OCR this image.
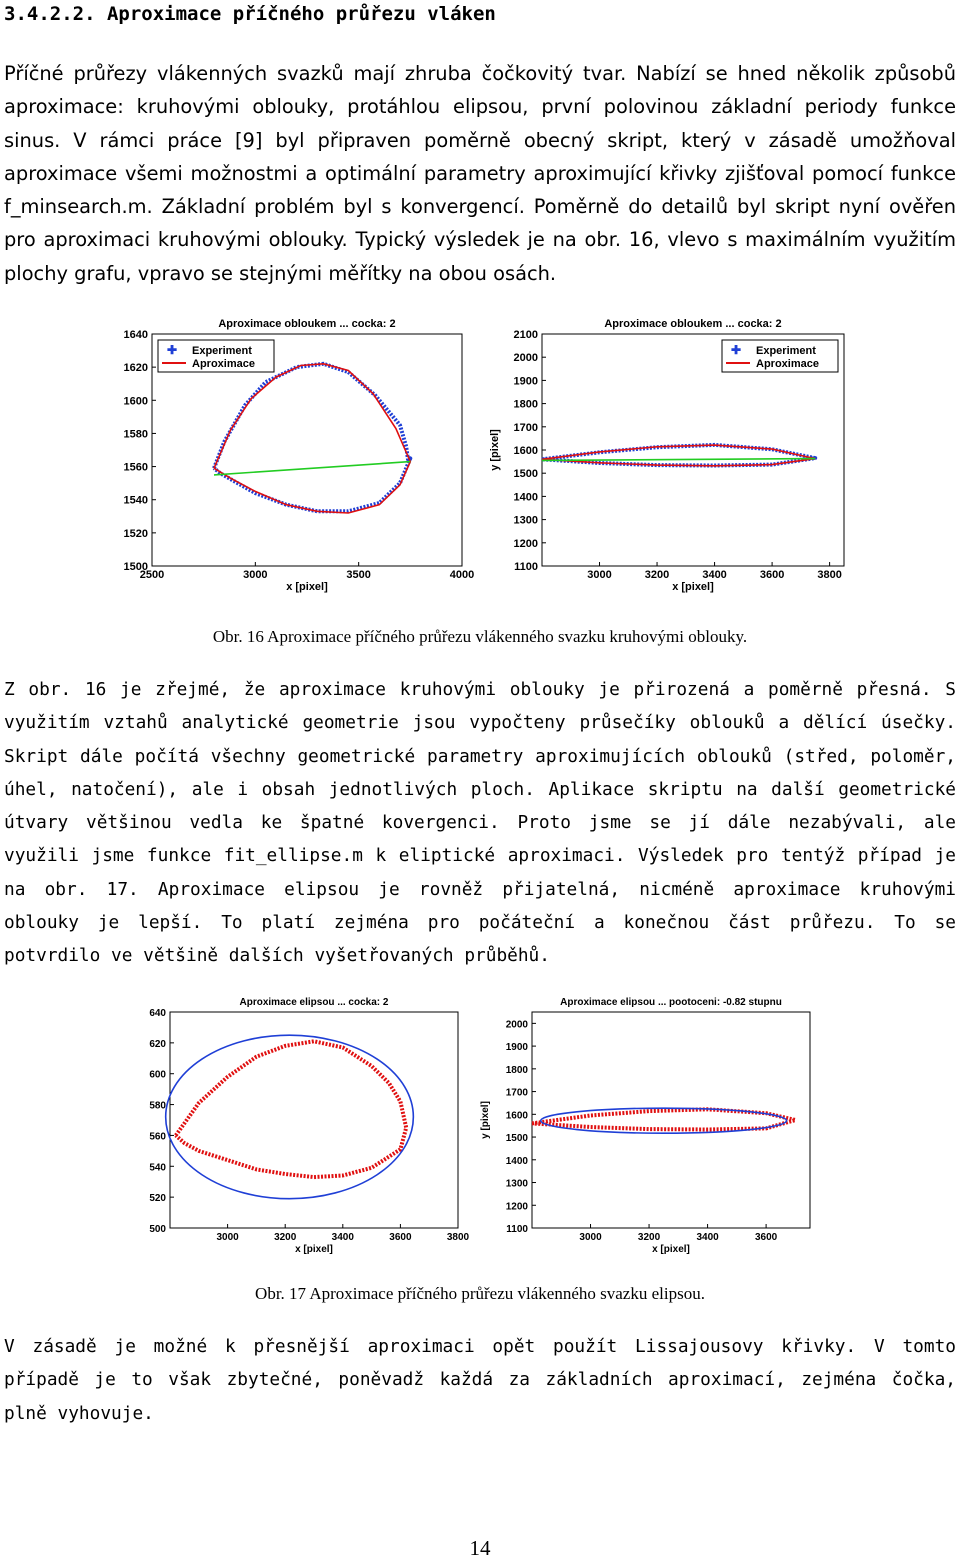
3.4.2.2. Aproximace příčného průřezu vláken

Příčné průřezy vlákenných svazků mají zhruba čočkovitý tvar. Nabízí se hned několik způsobů aproximace: kruhovými oblouky, protáhlou elipsou, první polovinou základní periody funkce sinus. V rámci práce [9] byl připraven poměrně obecný skript, který v zásadě umožňoval aproximace všemi možnostmi a optimální parametry aproximující křivky zjišťoval pomocí funkce f_minsearch.m. Základní problém byl s konvergencí. Poměrně do detailů byl skript nyní ověřen pro aproximaci kruhovými oblouky. Typický výsledek je na obr. 16, vlevo s maximálním využitím plochy grafu, vpravo se stejnými měřítky na obou osách.

Aproximace obloukem ... cocka: 2
2500	3000	3500	4000
1500
1520
1540
1560
1580
1600
1620
1640
x [pixel]
✚ Experiment
Aproximace
Aproximace obloukem ... cocka: 2
3000	3200	3400	3600	3800
1100
1200
1300
1400
1500
1600
1700
1800
1900
2000
2100
x [pixel]
y [pixel]
✚ Experiment
Aproximace

Obr. 16 Aproximace příčného průřezu vlákenného svazku kruhovými oblouky.

Z obr. 16 je zřejmé, že aproximace kruhovými oblouky je přirozená a poměrně přesná. S využitím vztahů analytické geometrie jsou vypočteny průsečíky oblouků a dělící úsečky. Skript dále počítá všechny geometrické parametry aproximujících oblouků (střed, poloměr, úhel, natočení), ale i obsah jednotlivých ploch. Aplikace skriptu na další geometrické útvary většinou vedla ke špatné kovergenci. Proto jsme se jí dále nezabývali, ale využili jsme funkce fit_ellipse.m k eliptické aproximaci. Výsledek pro tentýž případ je na obr. 17. Aproximace elipsou je rovněž přijatelná, nicméně aproximace kruhovými oblouky je lepší. To platí zejména pro počáteční a konečnou část průřezu. To se potvrdilo ve většině dalších vyšetřovaných průběhů.

Aproximace elipsou ... cocka: 2
3000	3200	3400	3600	3800
500
520
540
560
580
600
620
640
x [pixel]
Aproximace elipsou ... pootoceni: -0.82 stupnu
3000	3200	3400	3600
1100
1200
1300
1400
1500
1600
1700
1800
1900
2000
x [pixel]
y [pixel]

Obr. 17 Aproximace příčného průřezu vlákenného svazku elipsou.

V zásadě je možné k přesnější aproximaci opět použít Lissajousovy křivky. V tomto případě je to však zbytečné, poněvadž každá za základních aproximací, zejména čočka, plně vyhovuje.

14
